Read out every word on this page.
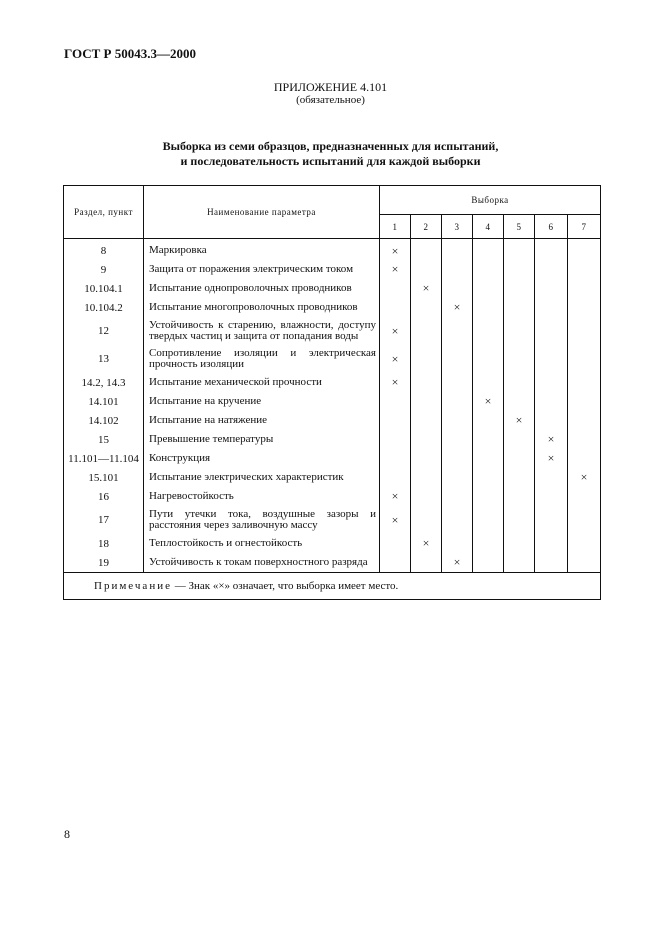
ГОСТ Р 50043.3—2000
ПРИЛОЖЕНИЕ 4.101
(обязательное)
Выборка из семи образцов, предназначенных для испытаний,
и последовательность испытаний для каждой выборки
Раздел, пункт	Наименование параметра	Выборка						
		1	2	3	4	5	6	7
8	Маркировка	×						
9	Защита от поражения электрическим током	×						
10.104.1	Испытание однопроволочных проводников		×					
10.104.2	Испытание многопроволочных проводников			×				
12	Устойчивость к старению, влажности, доступу твердых частиц и защита от попадания воды	×						
13	Сопротивление изоляции и электрическая прочность изоляции	×						
14.2, 14.3	Испытание механической прочности	×						
14.101	Испытание на кручение				×			
14.102	Испытание на натяжение					×		
15	Превышение температуры						×	
11.101—11.104	Конструкция						×	
15.101	Испытание электрических характеристик							×
16	Нагревостойкость	×						
17	Пути утечки тока, воздушные зазоры и расстояния через заливочную массу	×						
18	Теплостойкость и огнестойкость		×					
19	Устойчивость к токам поверхностного разряда			×				
Примечание — Знак «×» означает, что выборка имеет место.								
8
